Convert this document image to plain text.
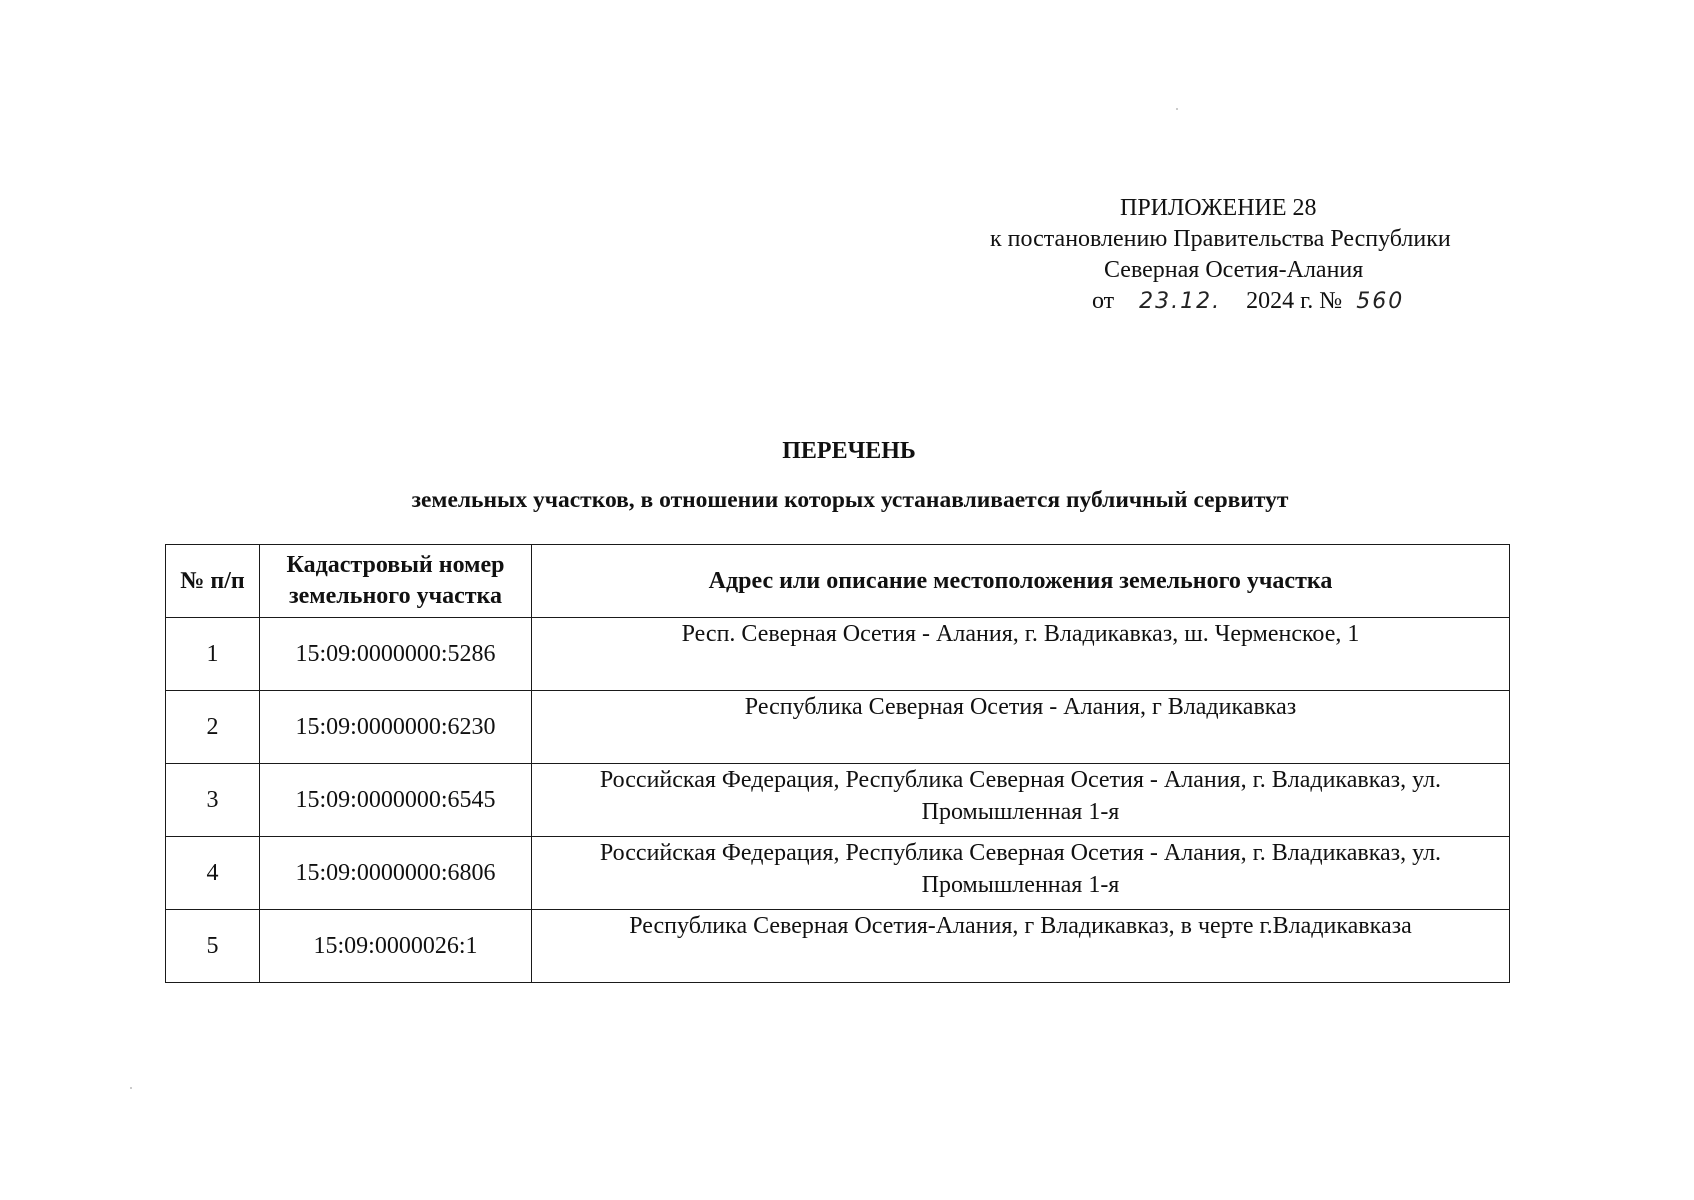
ПРИЛОЖЕНИЕ 28
к постановлению Правительства Республики
Северная Осетия-Алания
от 23.12. 2024 г. № 560
ПЕРЕЧЕНЬ
земельных участков, в отношении которых устанавливается публичный сервитут
№ п/п	Кадастровый номер земельного участка	Адрес или описание местоположения земельного участка
1	15:09:0000000:5286	Респ. Северная Осетия - Алания, г. Владикавказ, ш. Черменское, 1
2	15:09:0000000:6230	Республика Северная Осетия - Алания, г Владикавказ
3	15:09:0000000:6545	Российская Федерация, Республика Северная Осетия - Алания, г. Владикавказ, ул. Промышленная 1-я
4	15:09:0000000:6806	Российская Федерация, Республика Северная Осетия - Алания, г. Владикавказ, ул. Промышленная 1-я
5	15:09:0000026:1	Республика Северная Осетия-Алания, г Владикавказ, в черте г.Владикавказа
